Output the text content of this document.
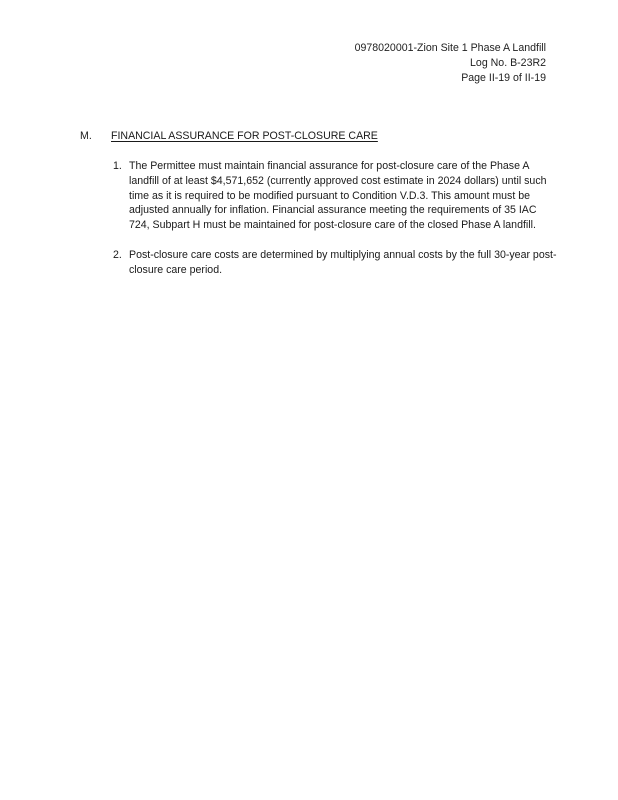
0978020001-Zion Site 1 Phase A Landfill
Log No. B-23R2
Page II-19 of II-19
M.	FINANCIAL ASSURANCE FOR POST-CLOSURE CARE
1. The Permittee must maintain financial assurance for post-closure care of the Phase A landfill of at least $4,571,652 (currently approved cost estimate in 2024 dollars) until such time as it is required to be modified pursuant to Condition V.D.3. This amount must be adjusted annually for inflation. Financial assurance meeting the requirements of 35 IAC 724, Subpart H must be maintained for post-closure care of the closed Phase A landfill.
2. Post-closure care costs are determined by multiplying annual costs by the full 30-year post-closure care period.
